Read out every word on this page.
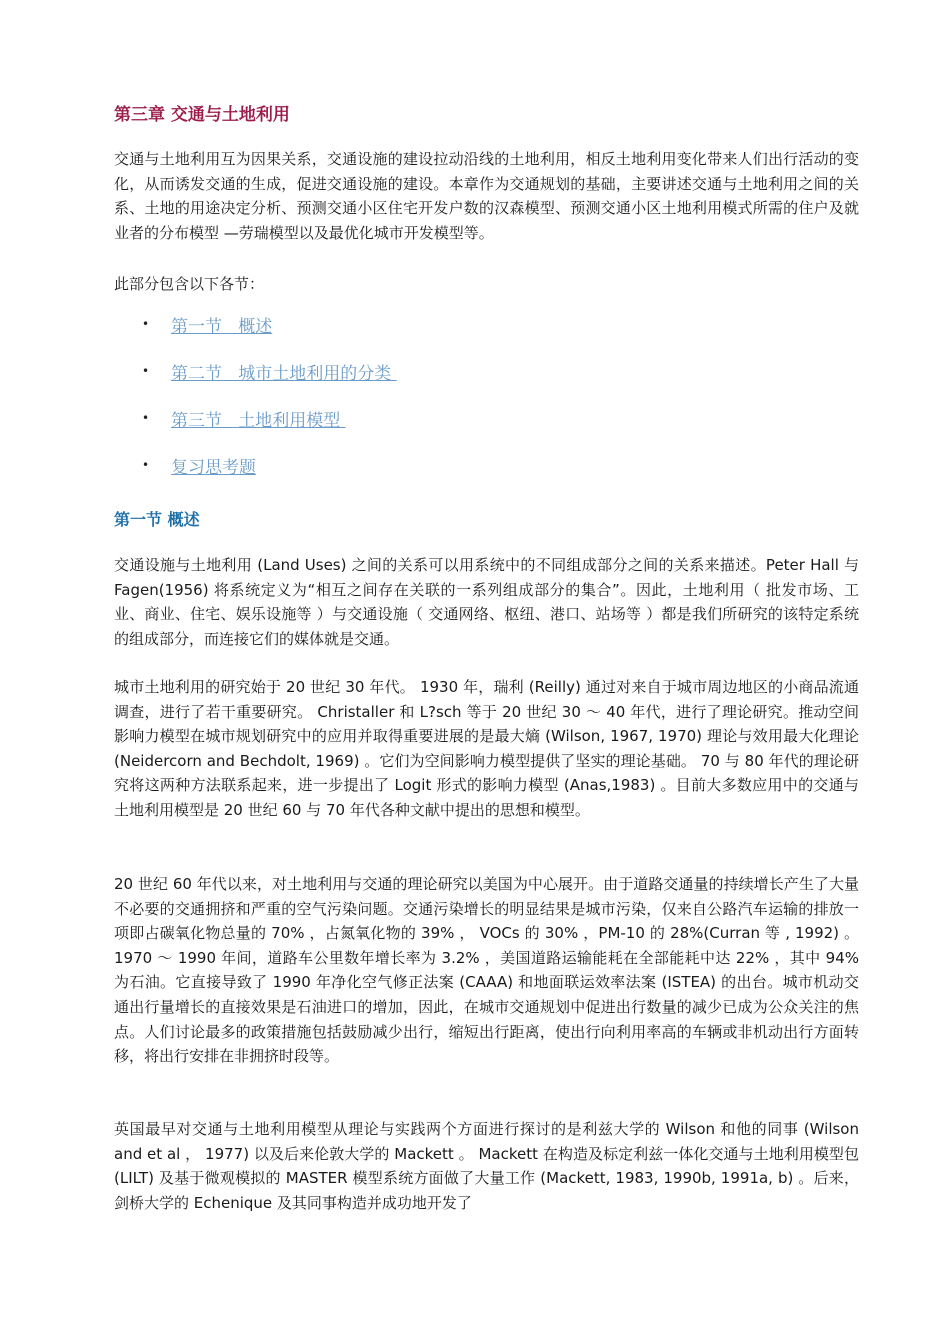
第三章 交通与土地利用

交通与土地利用互为因果关系，交通设施的建设拉动沿线的土地利用，相反土地利用变化带来人们出行活动的变化，从而诱发交通的生成，促进交通设施的建设。本章作为交通规划的基础，主要讲述交通与土地利用之间的关系、土地的用途决定分析、预测交通小区住宅开发户数的汉森模型、预测交通小区土地利用模式所需的住户及就业者的分布模型 —劳瑞模型以及最优化城市开发模型等。

此部分包含以下各节：

• 第一节   概述
• 第二节   城市土地利用的分类
• 第三节   土地利用模型
• 复习思考题
第一节 概述

交通设施与土地利用 (Land Uses) 之间的关系可以用系统中的不同组成部分之间的关系来描述。Peter Hall 与 Fagen(1956) 将系统定义为“相互之间存在关联的一系列组成部分的集合”。因此，土地利用（ 批发市场、工业、商业、住宅、娱乐设施等 ）与交通设施（ 交通网络、枢纽、港口、站场等 ）都是我们所研究的该特定系统的组成部分，而连接它们的媒体就是交通。

城市土地利用的研究始于 20 世纪 30 年代。 1930 年，瑞利 (Reilly) 通过对来自于城市周边地区的小商品流通调查，进行了若干重要研究。 Christaller 和 L?sch 等于 20 世纪 30 ～ 40 年代，进行了理论研究。推动空间影响力模型在城市规划研究中的应用并取得重要进展的是最大熵 (Wilson, 1967, 1970) 理论与效用最大化理论 (Neidercorn and Bechdolt, 1969) 。它们为空间影响力模型提供了坚实的理论基础。 70 与 80 年代的理论研究将这两种方法联系起来，进一步提出了 Logit 形式的影响力模型 (Anas,1983) 。目前大多数应用中的交通与土地利用模型是 20 世纪 60 与 70 年代各种文献中提出的思想和模型。

20 世纪 60 年代以来，对土地利用与交通的理论研究以美国为中心展开。由于道路交通量的持续增长产生了大量不必要的交通拥挤和严重的空气污染问题。交通污染增长的明显结果是城市污染，仅来自公路汽车运输的排放一项即占碳氧化物总量的 70% ，占氮氧化物的 39% ， VOCs 的 30% ，PM-10 的 28%(Curran 等 , 1992) 。 1970 ～ 1990 年间，道路车公里数年增长率为 3.2% ，美国道路运输能耗在全部能耗中达 22% ，其中 94% 为石油。它直接导致了 1990 年净化空气修正法案 (CAAA) 和地面联运效率法案 (ISTEA) 的出台。城市机动交通出行量增长的直接效果是石油进口的增加，因此，在城市交通规划中促进出行数量的减少已成为公众关注的焦点。人们讨论最多的政策措施包括鼓励减少出行，缩短出行距离，使出行向利用率高的车辆或非机动出行方面转移，将出行安排在非拥挤时段等。

英国最早对交通与土地利用模型从理论与实践两个方面进行探讨的是利兹大学的 Wilson 和他的同事 (Wilson and et al ， 1977) 以及后来伦敦大学的 Mackett 。 Mackett 在构造及标定利兹一体化交通与土地利用模型包 (LILT) 及基于微观模拟的 MASTER 模型系统方面做了大量工作 (Mackett, 1983, 1990b, 1991a, b) 。后来，剑桥大学的 Echenique 及其同事构造并成功地开发了
